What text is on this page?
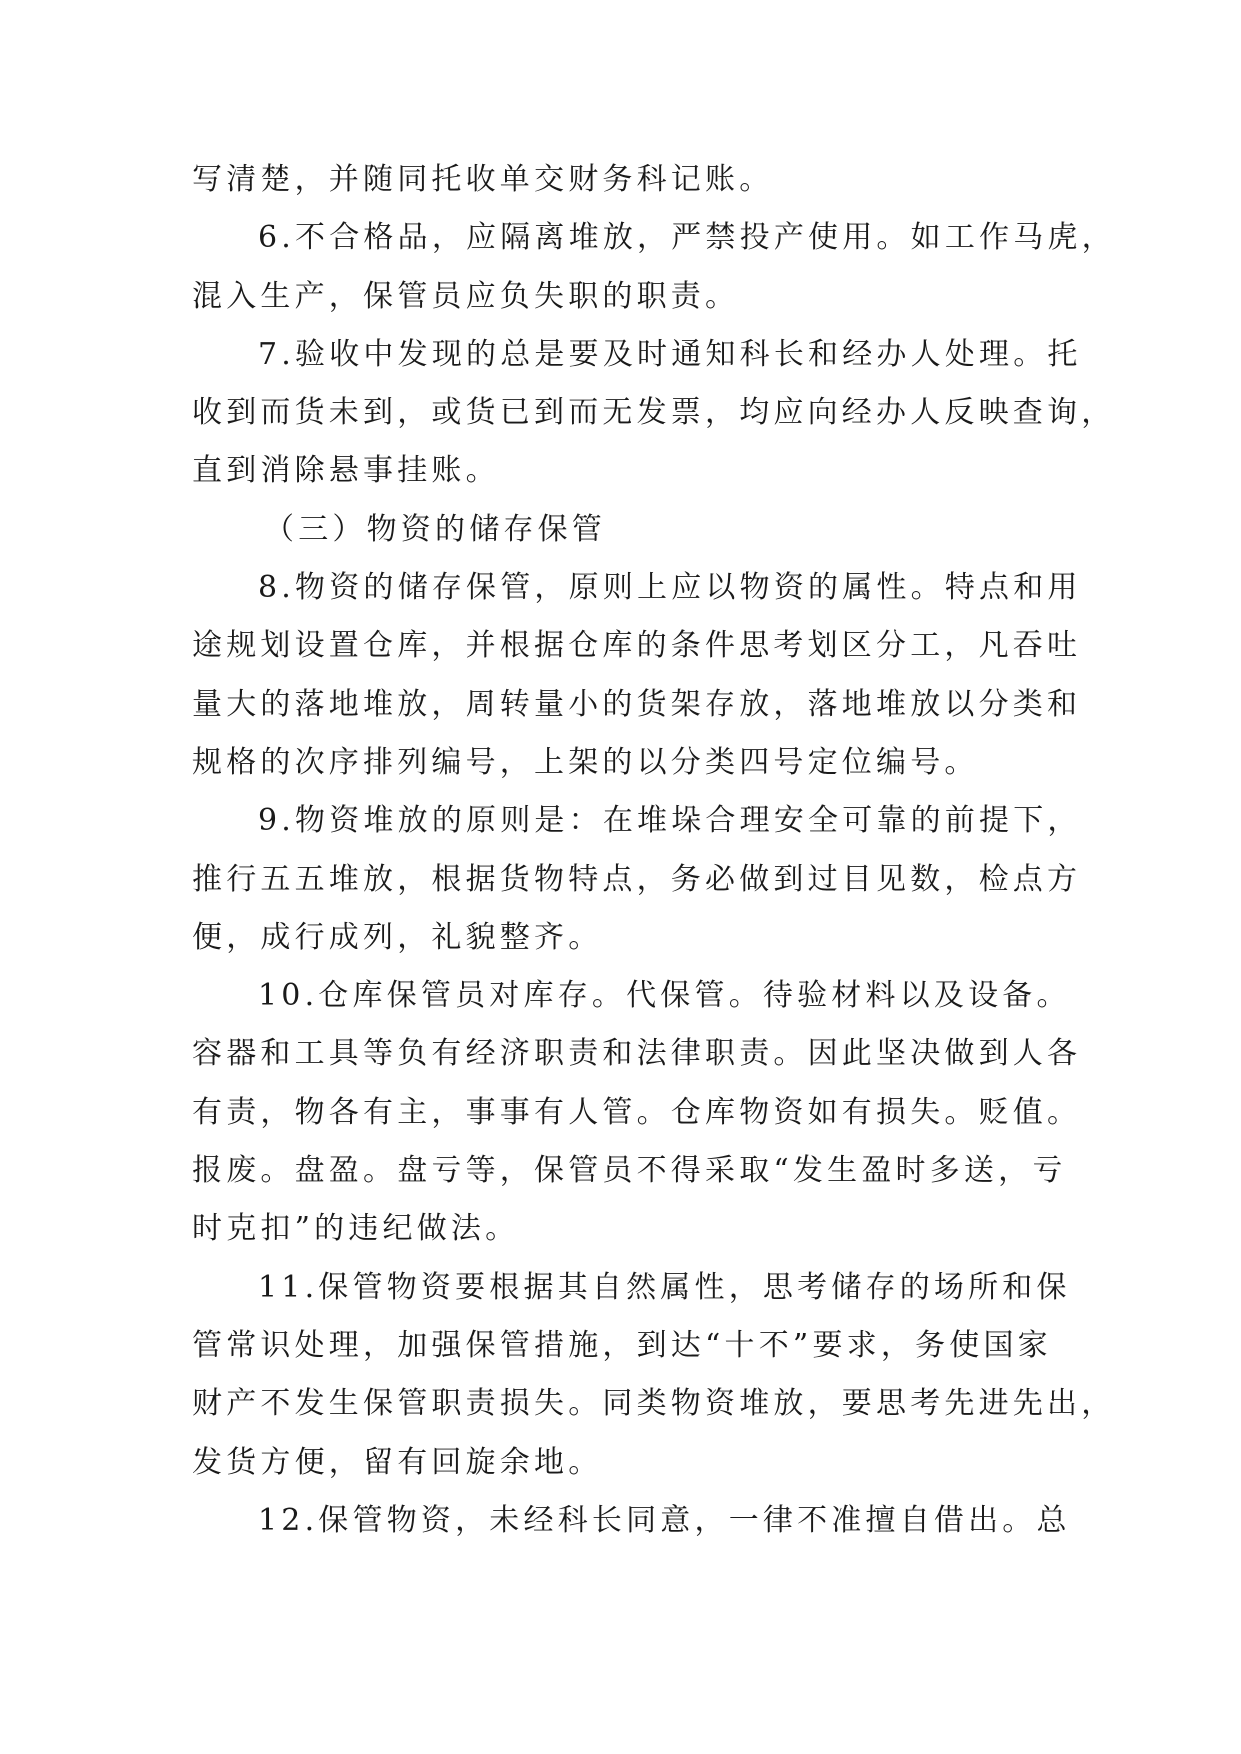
写清楚，并随同托收单交财务科记账。
6.不合格品，应隔离堆放，严禁投产使用。如工作马虎，
混入生产，保管员应负失职的职责。
7.验收中发现的总是要及时通知科长和经办人处理。托
收到而货未到，或货已到而无发票，均应向经办人反映查询，
直到消除悬事挂账。
（三）物资的储存保管
8.物资的储存保管，原则上应以物资的属性。特点和用
途规划设置仓库，并根据仓库的条件思考划区分工，凡吞吐
量大的落地堆放，周转量小的货架存放，落地堆放以分类和
规格的次序排列编号，上架的以分类四号定位编号。
9.物资堆放的原则是：在堆垛合理安全可靠的前提下，
推行五五堆放，根据货物特点，务必做到过目见数，检点方
便，成行成列，礼貌整齐。
10.仓库保管员对库存。代保管。待验材料以及设备。
容器和工具等负有经济职责和法律职责。因此坚决做到人各
有责，物各有主，事事有人管。仓库物资如有损失。贬值。
报废。盘盈。盘亏等，保管员不得采取“发生盈时多送，亏
时克扣”的违纪做法。
11.保管物资要根据其自然属性，思考储存的场所和保
管常识处理，加强保管措施，到达“十不”要求，务使国家
财产不发生保管职责损失。同类物资堆放，要思考先进先出，
发货方便，留有回旋余地。
12.保管物资，未经科长同意，一律不准擅自借出。总
